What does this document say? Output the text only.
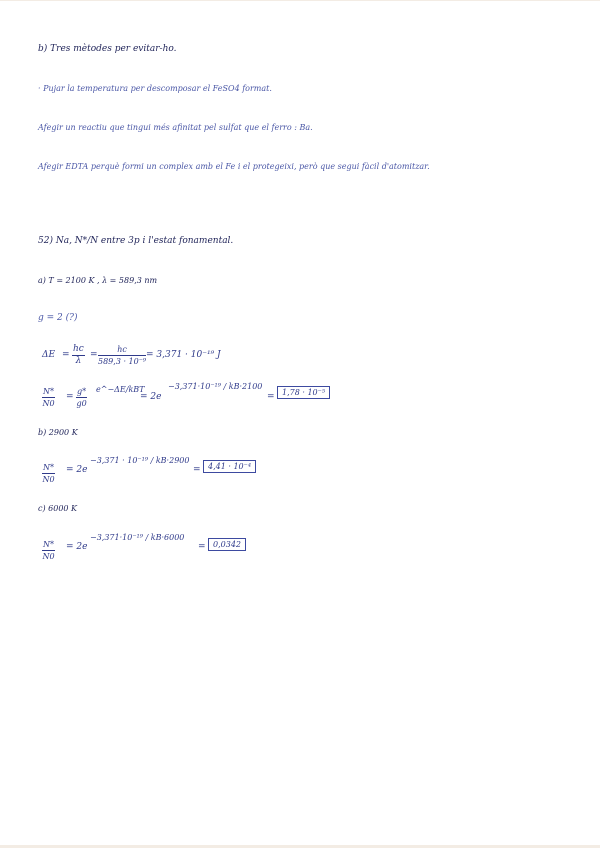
b) Tres mètodes per evitar-ho.
· Pujar la temperatura per descomposar el FeSO4 format.
Afegir un reactiu que tingui més afinitat pel sulfat que el ferro : Ba.
Afegir EDTA perquè formi un complex amb el Fe i el protegeixi, però que segui fàcil d'atomitzar.
52) Na, N*/N entre 3p i l'estat fonamental.
a) T = 2100 K , λ = 589,3 nm
g = 2 (?)
$\Delta E = \frac{hc}{\lambda} = \frac{hc}{\text{589,3 · 10⁻⁹}} = 3,371 \cdot 10^{-19}$ J
$\frac{N*}{N0} = \frac{g*}{g0}$ e^−ΔE/kBT
= 2e
−3,371·10⁻¹⁹ / kB·2100
= 1,78 · 10⁻⁵
b) 2900 K
$\frac{N*}{N0} = 2e$
−3,371 · 10⁻¹⁹ / kB·2900
= 4,41 · 10⁻⁴
c) 6000 K
$\frac{N*}{N0} = 2e$
−3,371·10⁻¹⁹ / kB·6000
= 0,0342
